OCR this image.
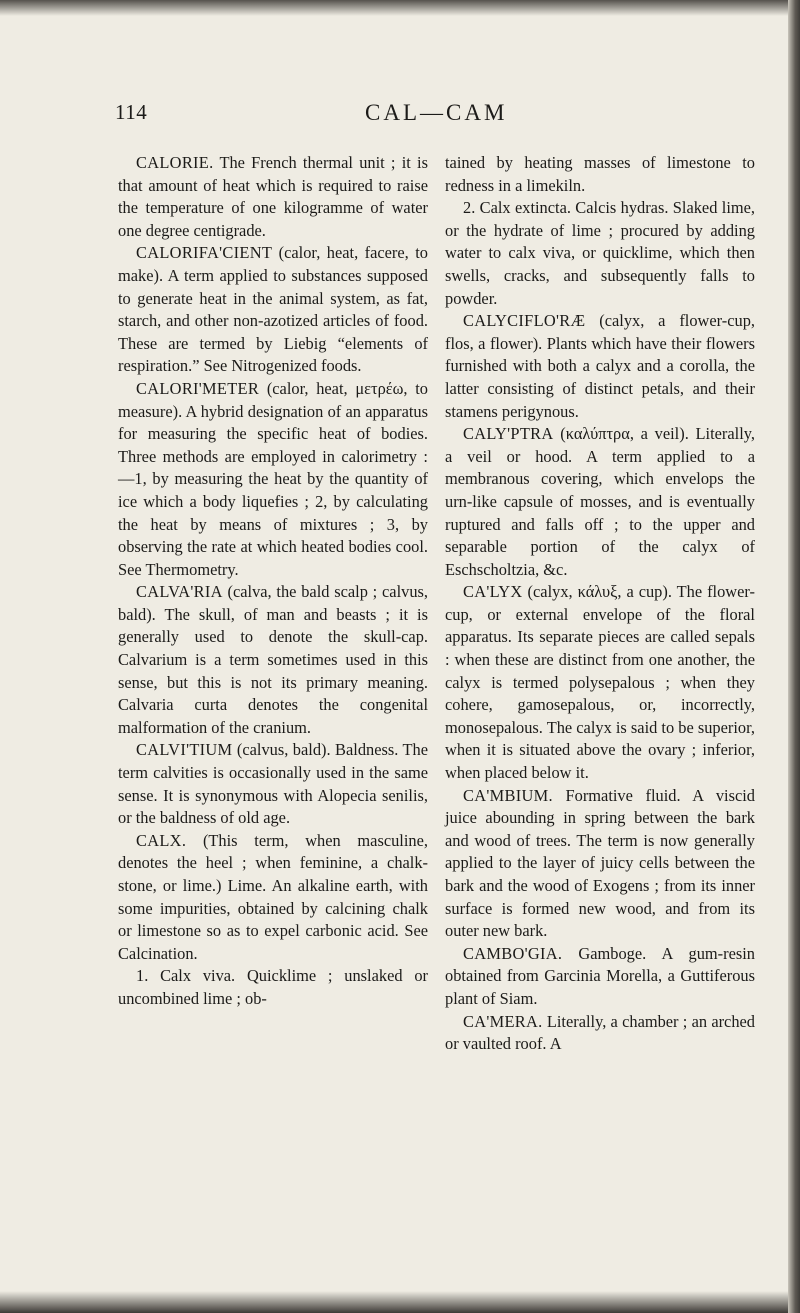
114	CAL—CAM

CALORIE. The French thermal unit ; it is that amount of heat which is required to raise the temperature of one kilogramme of water one degree centigrade.

CALORIFA'CIENT (calor, heat, facere, to make). A term applied to substances supposed to generate heat in the animal system, as fat, starch, and other non-azotized articles of food. These are termed by Liebig “elements of respiration.” See Nitrogenized foods.

CALORI'METER (calor, heat, μετρέω, to measure). A hybrid designation of an apparatus for measuring the specific heat of bodies. Three methods are employed in calorimetry :—1, by measuring the heat by the quantity of ice which a body liquefies ; 2, by calculating the heat by means of mixtures ; 3, by observing the rate at which heated bodies cool. See Thermometry.

CALVA'RIA (calva, the bald scalp ; calvus, bald). The skull, of man and beasts ; it is generally used to denote the skull-cap. Calvarium is a term sometimes used in this sense, but this is not its primary meaning. Calvaria curta denotes the congenital malformation of the cranium.

CALVI'TIUM (calvus, bald). Baldness. The term calvities is occasionally used in the same sense. It is synonymous with Alopecia senilis, or the baldness of old age.

CALX. (This term, when masculine, denotes the heel ; when feminine, a chalk-stone, or lime.) Lime. An alkaline earth, with some impurities, obtained by calcining chalk or limestone so as to expel carbonic acid. See Calcination.

1. Calx viva. Quicklime ; unslaked or uncombined lime ; ob-

tained by heating masses of limestone to redness in a limekiln.

2. Calx extincta. Calcis hydras. Slaked lime, or the hydrate of lime ; procured by adding water to calx viva, or quicklime, which then swells, cracks, and subsequently falls to powder.

CALYCIFLO'RÆ (calyx, a flower-cup, flos, a flower). Plants which have their flowers furnished with both a calyx and a corolla, the latter consisting of distinct petals, and their stamens perigynous.

CALY'PTRA (καλύπτρα, a veil). Literally, a veil or hood. A term applied to a membranous covering, which envelops the urn-like capsule of mosses, and is eventually ruptured and falls off ; to the upper and separable portion of the calyx of Eschscholtzia, &c.

CA'LYX (calyx, κάλυξ, a cup). The flower-cup, or external envelope of the floral apparatus. Its separate pieces are called sepals : when these are distinct from one another, the calyx is termed polysepalous ; when they cohere, gamosepalous, or, incorrectly, monosepalous. The calyx is said to be superior, when it is situated above the ovary ; inferior, when placed below it.

CA'MBIUM. Formative fluid. A viscid juice abounding in spring between the bark and wood of trees. The term is now generally applied to the layer of juicy cells between the bark and the wood of Exogens ; from its inner surface is formed new wood, and from its outer new bark.

CAMBO'GIA. Gamboge. A gum-resin obtained from Garcinia Morella, a Guttiferous plant of Siam.

CA'MERA. Literally, a chamber ; an arched or vaulted roof. A
